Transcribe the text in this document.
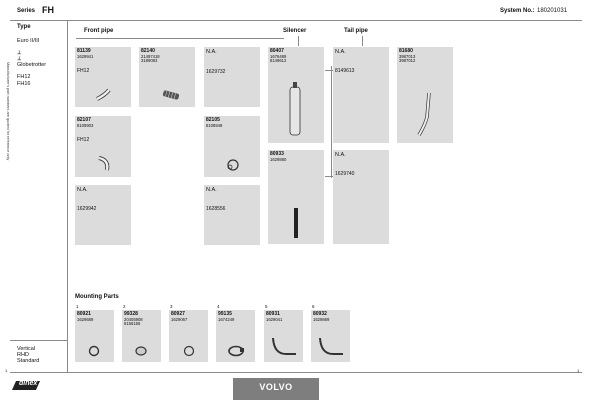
Series FH	System No.: 180201031
Type
Euro II/III
⊥
⊥
Globetrotter
FH12
FH16
Manufacturer's part numbers are quoted for reference only
Vertical
RHD
Standard
1
Front pipe	Silencer	Tail pipe
81139
1629941
FH12
82140
21497418
3189083
N.A.
1629732
80407
1676489
8149612
N.A.
8149613
81680
3987013
3987012
82107
8108903
FH12
82105
8108949
80933
1629880
N.A.
1629740
N.A.
1629942
N.A.
1628556
Mounting Parts
1
80921
1629689
2
99328
20405908
8156156
3
80927
1629067
4
99135
1674249
5
80931
1629041
6
80932
1629869
dinex	VOLVO
1
